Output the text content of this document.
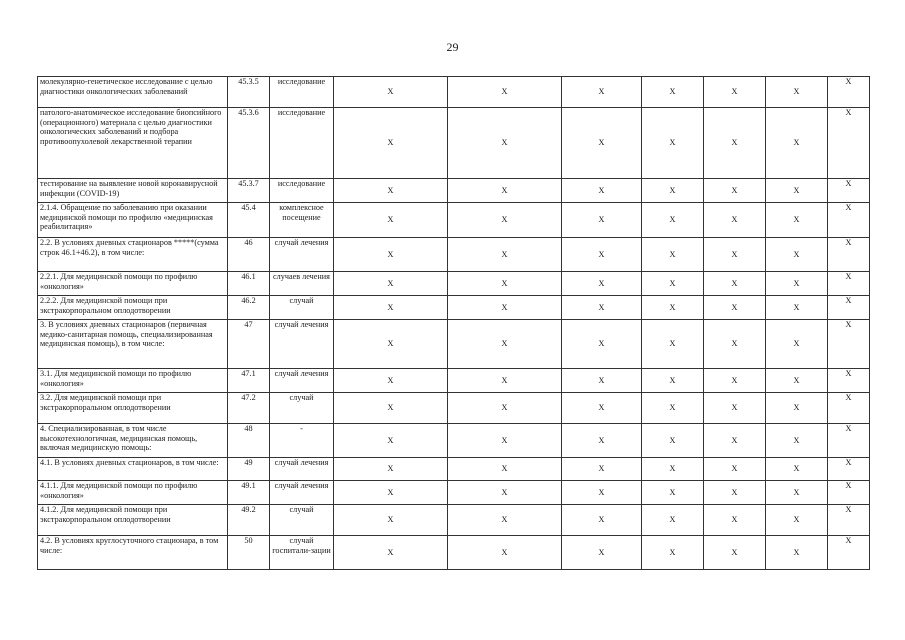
29
молекулярно-генетическое исследование с целью диагностики онкологических заболеваний	45.3.5	исследование	Х	Х	Х	Х	Х	Х	Х
патолого-анатомическое исследование биопсийного (операционного) материала с целью диагностики онкологических заболеваний и подбора противоопухолевой лекарственной терапии	45.3.6	исследование	Х	Х	Х	Х	Х	Х	Х
тестирование на выявление новой коронавирусной инфекции (COVID-19)	45.3.7	исследование	Х	Х	Х	Х	Х	Х	Х
2.1.4. Обращение по заболеванию при оказании медицинской помощи по профилю «медицинская реабилитация»	45.4	комплексное посещение	Х	Х	Х	Х	Х	Х	Х
2.2. В условиях дневных стационаров *****(сумма строк 46.1+46.2), в том числе:	46	случай лечения	Х	Х	Х	Х	Х	Х	Х
2.2.1. Для медицинской помощи по профилю «онкология»	46.1	случаев лечения	Х	Х	Х	Х	Х	Х	Х
2.2.2. Для медицинской помощи при экстракорпоральном оплодотворении	46.2	случай	Х	Х	Х	Х	Х	Х	Х
3. В условиях дневных стационаров (первичная медико-санитарная помощь, специализированная медицинская помощь), в том числе:	47	случай лечения	Х	Х	Х	Х	Х	Х	Х
3.1. Для медицинской помощи по профилю «онкология»	47.1	случай лечения	Х	Х	Х	Х	Х	Х	Х
3.2. Для медицинской помощи при экстракорпоральном оплодотворении	47.2	случай	Х	Х	Х	Х	Х	Х	Х
4. Специализированная, в том числе высокотехнологичная, медицинская помощь, включая медицинскую помощь:	48	-	Х	Х	Х	Х	Х	Х	Х
4.1. В условиях дневных стационаров, в том числе:	49	случай лечения	Х	Х	Х	Х	Х	Х	Х
4.1.1. Для медицинской помощи по профилю «онкология»	49.1	случай лечения	Х	Х	Х	Х	Х	Х	Х
4.1.2. Для медицинской помощи при экстракорпоральном оплодотворении	49.2	случай	Х	Х	Х	Х	Х	Х	Х
4.2. В условиях круглосуточного стационара, в том числе:	50	случай госпитали-зации	Х	Х	Х	Х	Х	Х	Х
